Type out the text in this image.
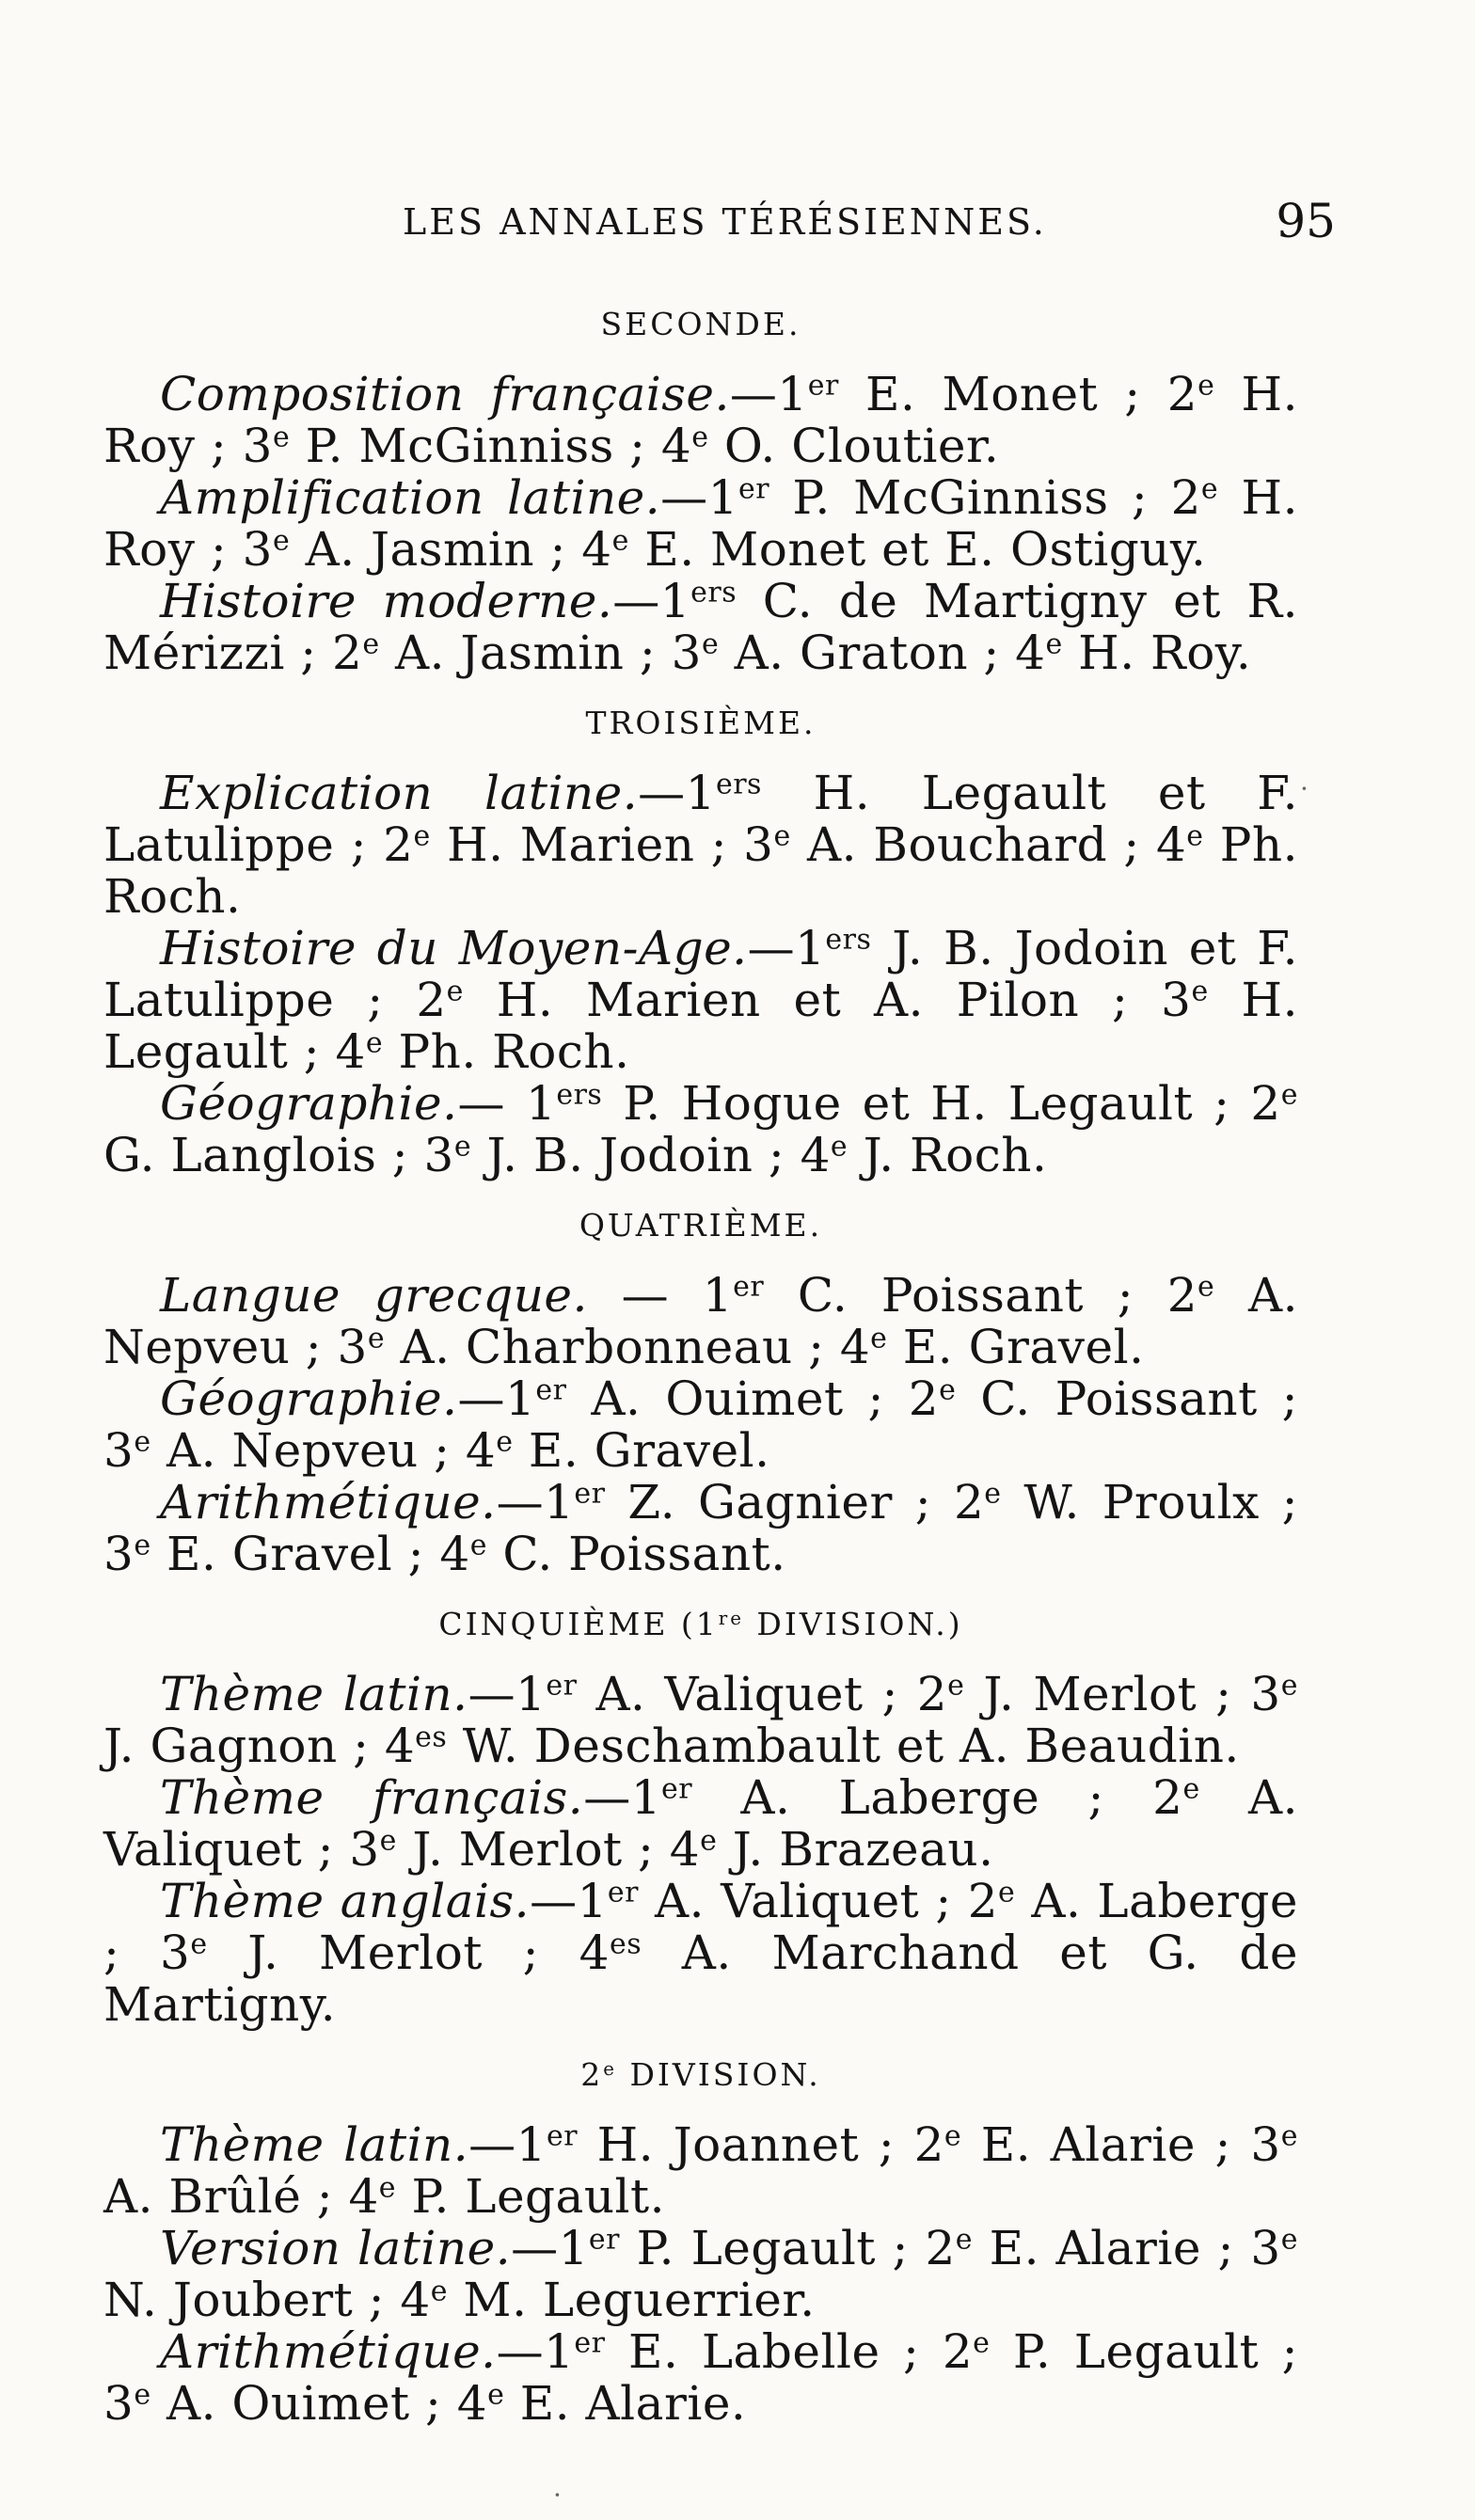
LES ANNALES TÉRÉSIENNES.	95
SECONDE.

Composition française.—1er E. Monet ; 2e H. Roy ; 3e P. McGinniss ; 4e O. Cloutier.

Amplification latine.—1er P. McGinniss ; 2e H. Roy ; 3e A. Jasmin ; 4e E. Monet et E. Ostiguy.

Histoire moderne.—1ers C. de Martigny et R. Mérizzi ; 2e A. Jasmin ; 3e A. Graton ; 4e H. Roy.

TROISIÈME.

Explication latine.—1ers H. Legault et F. Latulippe ; 2e H. Marien ; 3e A. Bouchard ; 4e Ph. Roch.

Histoire du Moyen-Age.—1ers J. B. Jodoin et F. Latulippe ; 2e H. Marien et A. Pilon ; 3e H. Legault ; 4e Ph. Roch.

Géographie.— 1ers P. Hogue et H. Legault ; 2e G. Langlois ; 3e J. B. Jodoin ; 4e J. Roch.

QUATRIÈME.

Langue grecque. — 1er C. Poissant ; 2e A. Nepveu ; 3e A. Charbonneau ; 4e E. Gravel.

Géographie.—1er A. Ouimet ; 2e C. Poissant ; 3e A. Nepveu ; 4e E. Gravel.

Arithmétique.—1er Z. Gagnier ; 2e W. Proulx ; 3e E. Gravel ; 4e C. Poissant.

CINQUIÈME (1re DIVISION.)

Thème latin.—1er A. Valiquet ; 2e J. Merlot ; 3e J. Gagnon ; $4^{es}$ W. Deschambault et A. Beaudin.

Thème français.—1er A. Laberge ; 2e A. Valiquet ; 3e J. Merlot ; 4e J. Brazeau.

Thème anglais.—1er A. Valiquet ; 2e A. Laberge ; 3e J. Merlot ; $4^{es}$ A. Marchand et G. de Martigny.

2e DIVISION.

Thème latin.—1er H. Joannet ; 2e E. Alarie ; 3e A. Brûlé ; 4e P. Legault.

Version latine.—1er P. Legault ; 2e E. Alarie ; 3e N. Joubert ; 4e M. Leguerrier.

Arithmétique.—1er E. Labelle ; 2e P. Legault ; 3e A. Ouimet ; 4e E. Alarie.

·
·
